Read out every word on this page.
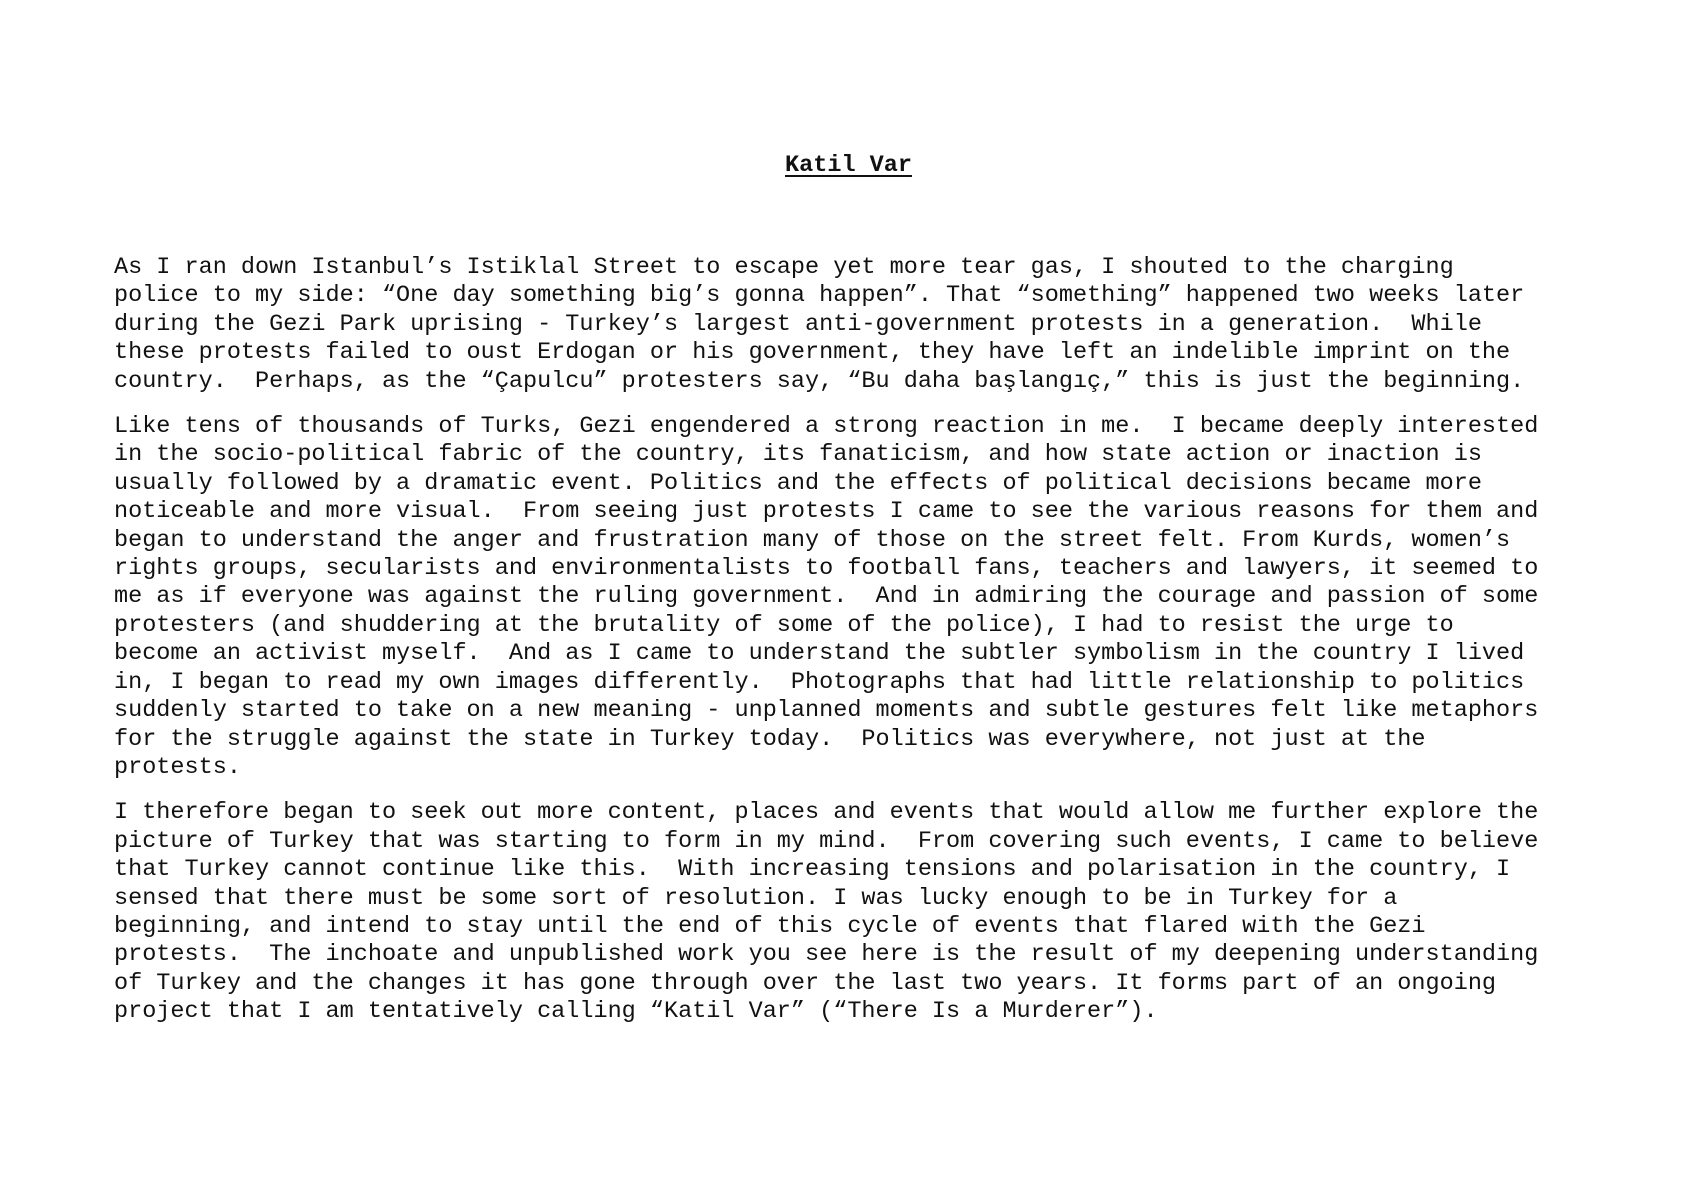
Katil Var

As I ran down Istanbul’s Istiklal Street to escape yet more tear gas, I shouted to the charging
police to my side: “One day something big’s gonna happen”. That “something” happened two weeks later
during the Gezi Park uprising - Turkey’s largest anti-government protests in a generation.  While
these protests failed to oust Erdogan or his government, they have left an indelible imprint on the
country.  Perhaps, as the “Çapulcu” protesters say, “Bu daha başlangıç,” this is just the beginning.

Like tens of thousands of Turks, Gezi engendered a strong reaction in me.  I became deeply interested
in the socio-political fabric of the country, its fanaticism, and how state action or inaction is
usually followed by a dramatic event. Politics and the effects of political decisions became more
noticeable and more visual.  From seeing just protests I came to see the various reasons for them and
began to understand the anger and frustration many of those on the street felt. From Kurds, women’s
rights groups, secularists and environmentalists to football fans, teachers and lawyers, it seemed to
me as if everyone was against the ruling government.  And in admiring the courage and passion of some
protesters (and shuddering at the brutality of some of the police), I had to resist the urge to
become an activist myself.  And as I came to understand the subtler symbolism in the country I lived
in, I began to read my own images differently.  Photographs that had little relationship to politics
suddenly started to take on a new meaning - unplanned moments and subtle gestures felt like metaphors
for the struggle against the state in Turkey today.  Politics was everywhere, not just at the
protests.

I therefore began to seek out more content, places and events that would allow me further explore the
picture of Turkey that was starting to form in my mind.  From covering such events, I came to believe
that Turkey cannot continue like this.  With increasing tensions and polarisation in the country, I
sensed that there must be some sort of resolution. I was lucky enough to be in Turkey for a
beginning, and intend to stay until the end of this cycle of events that flared with the Gezi
protests.  The inchoate and unpublished work you see here is the result of my deepening understanding
of Turkey and the changes it has gone through over the last two years. It forms part of an ongoing
project that I am tentatively calling “Katil Var” (“There Is a Murderer”).
